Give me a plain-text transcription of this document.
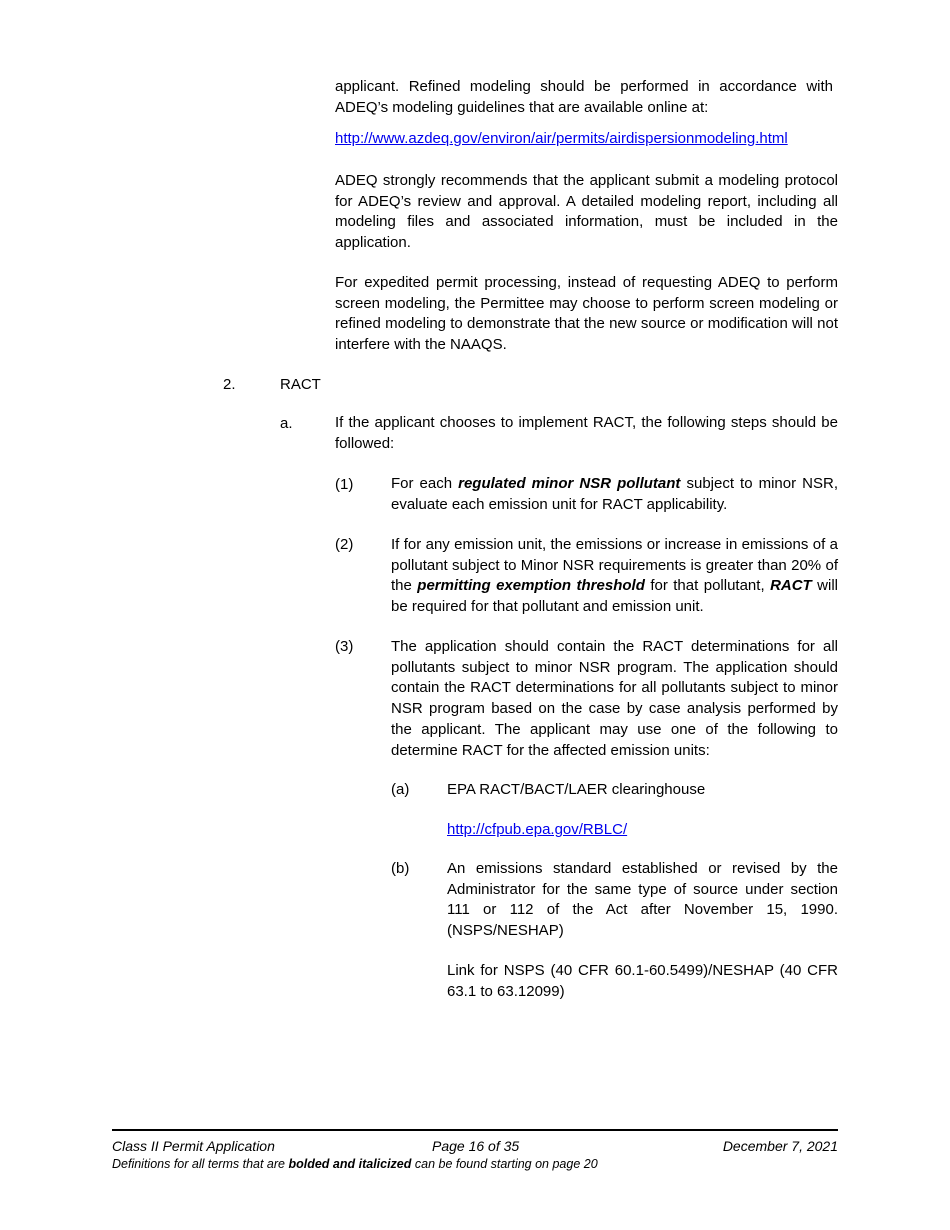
applicant. Refined modeling should be performed in accordance with ADEQ’s modeling guidelines that are available online at:

http://www.azdeq.gov/environ/air/permits/airdispersionmodeling.html

ADEQ strongly recommends that the applicant submit a modeling protocol for ADEQ’s review and approval. A detailed modeling report, including all modeling files and associated information, must be included in the application.

For expedited permit processing, instead of requesting ADEQ to perform screen modeling, the Permittee may choose to perform screen modeling or refined modeling to demonstrate that the new source or modification will not interfere with the NAAQS.

2.	RACT
a.	If the applicant chooses to implement RACT, the following steps should be followed:

(1)	For each regulated minor NSR pollutant subject to minor NSR, evaluate each emission unit for RACT applicability.

(2)	If for any emission unit, the emissions or increase in emissions of a pollutant subject to Minor NSR requirements is greater than 20% of the permitting exemption threshold for that pollutant, RACT will be required for that pollutant and emission unit.

(3)	The application should contain the RACT determinations for all pollutants subject to minor NSR program. The application should contain the RACT determinations for all pollutants subject to minor NSR program based on the case by case analysis performed by the applicant. The applicant may use one of the following to determine RACT for the affected emission units:

(a)	EPA RACT/BACT/LAER clearinghouse

http://cfpub.epa.gov/RBLC/
(b)	An emissions standard established or revised by the Administrator for the same type of source under section 111 or 112 of the Act after November 15, 1990. (NSPS/NESHAP)

Link for NSPS (40 CFR 60.1-60.5499)/NESHAP (40 CFR 63.1 to 63.12099)

Class II Permit Application	Page 16 of 35	December 7, 2021
Definitions for all terms that are bolded and italicized can be found starting on page 20
